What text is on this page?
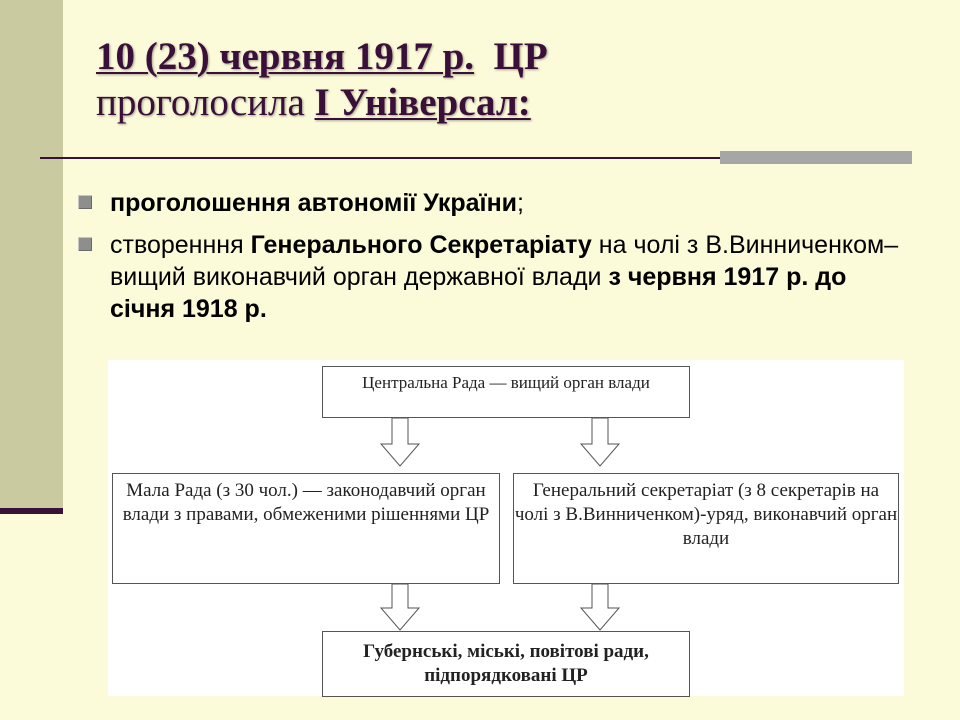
10 (23) червня 1917 р. ЦР
проголосила І Універсал:
проголошення автономії України;
створенння Генерального Секретаріату на чолі з В.Винниченком– вищий виконавчий орган державної влади з червня 1917 р. до січня 1918 р.
Центральна Рада — вищий орган влади
Мала Рада (з 30 чол.) — законодавчий орган влади з правами, обмеженими рішеннями ЦР
Генеральний секретаріат (з 8 секретарів на чолі з В.Винниченком)-уряд, виконавчий орган влади
Губернські, міські, повітові ради, підпорядковані ЦР
